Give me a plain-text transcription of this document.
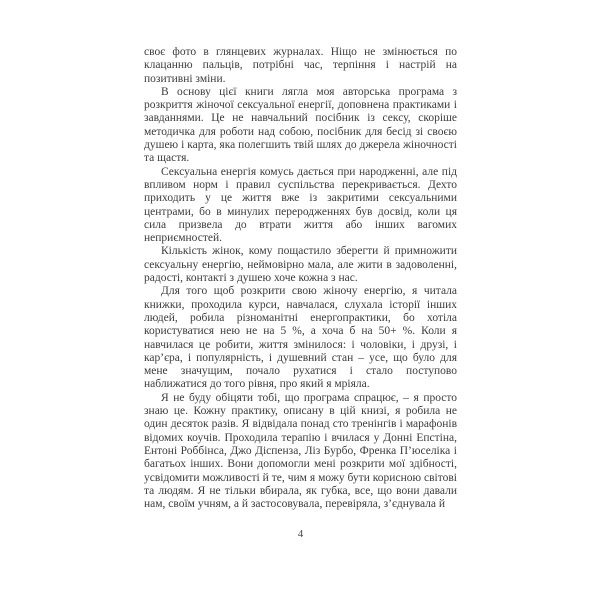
своє фото в глянцевих журналах. Ніщо не змінюється по клацанню пальців, потрібні час, терпіння і настрій на позитивні зміни.

В основу цієї книги лягла моя авторська програма з розкриття жіночої сексуальної енергії, доповнена практиками і завданнями. Це не навчальний посібник із сексу, скоріше методичка для роботи над собою, посібник для бесід зі своєю душею і карта, яка полегшить твій шлях до джерела жіночності та щастя.

Сексуальна енергія комусь дається при народженні, але під впливом норм і правил суспільства перекривається. Дехто приходить у це життя вже із закритими сексуальними центрами, бо в минулих переродженнях був досвід, коли ця сила призвела до втрати життя або інших вагомих неприємностей.

Кількість жінок, кому пощастило зберегти й примножити сексуальну енергію, неймовірно мала, але жити в задоволенні, радості, контакті з душею хоче кожна з нас.

Для того щоб розкрити свою жіночу енергію, я читала книжки, проходила курси, навчалася, слухала історії інших людей, робила різноманітні енергопрактики, бо хотіла користуватися нею не на 5 %, а хоча б на 50+ %. Коли я навчилася це робити, життя змінилося: і чоловіки, і друзі, і кар’єра, і популярність, і душевний стан – усе, що було для мене значущим, почало рухатися і стало поступово наближатися до того рівня, про який я мріяла.

Я не буду обіцяти тобі, що програма спрацює, – я просто знаю це. Кожну практику, описану в цій книзі, я робила не один десяток разів. Я відвідала понад сто тренінгів і марафонів відомих коучів. Проходила терапію і вчилася у Донні Епстіна, Ентоні Роббінса, Джо Діспенза, Ліз Бурбо, Френка П’юселіка і багатьох інших. Вони допомогли мені розкрити мої здібності, усвідомити можливості й те, чим я можу бути корисною світові та людям. Я не тільки вбирала, як губка, все, що вони давали нам, своїм учням, а й застосовувала, перевіряла, з’єднувала й

4
